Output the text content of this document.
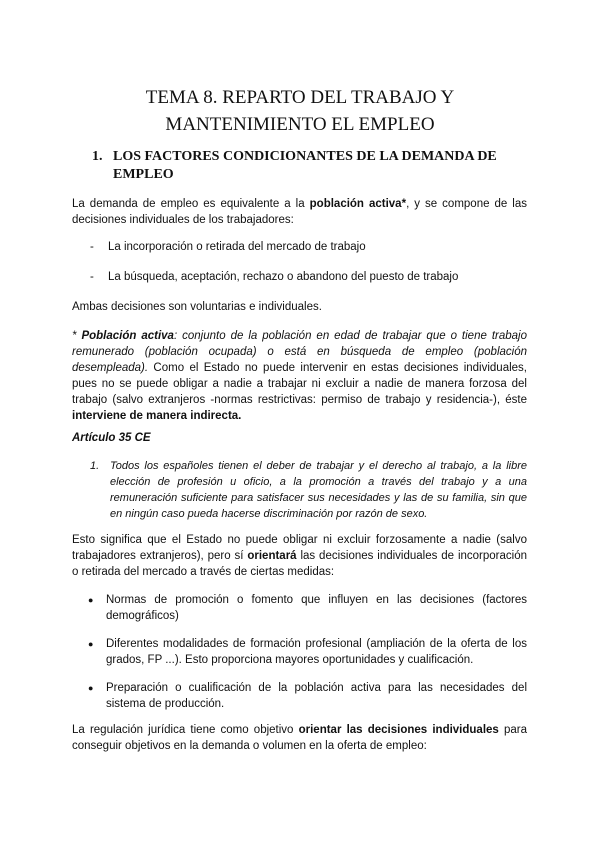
TEMA 8. REPARTO DEL TRABAJO Y
MANTENIMIENTO EL EMPLEO
1. LOS FACTORES CONDICIONANTES DE LA DEMANDA DE EMPLEO
La demanda de empleo es equivalente a la población activa*, y se compone de las decisiones individuales de los trabajadores:
-	La incorporación o retirada del mercado de trabajo
-	La búsqueda, aceptación, rechazo o abandono del puesto de trabajo
Ambas decisiones son voluntarias e individuales.
* Población activa: conjunto de la población en edad de trabajar que o tiene trabajo remunerado (población ocupada) o está en búsqueda de empleo (población desempleada). Como el Estado no puede intervenir en estas decisiones individuales, pues no se puede obligar a nadie a trabajar ni excluir a nadie de manera forzosa del trabajo (salvo extranjeros -normas restrictivas: permiso de trabajo y residencia-), éste interviene de manera indirecta.
Artículo 35 CE
1. Todos los españoles tienen el deber de trabajar y el derecho al trabajo, a la libre elección de profesión u oficio, a la promoción a través del trabajo y a una remuneración suficiente para satisfacer sus necesidades y las de su familia, sin que en ningún caso pueda hacerse discriminación por razón de sexo.
Esto significa que el Estado no puede obligar ni excluir forzosamente a nadie (salvo trabajadores extranjeros), pero sí orientará las decisiones individuales de incorporación o retirada del mercado a través de ciertas medidas:
●	Normas de promoción o fomento que influyen en las decisiones (factores demográficos)
●	Diferentes modalidades de formación profesional (ampliación de la oferta de los grados, FP ...). Esto proporciona mayores oportunidades y cualificación.
●	Preparación o cualificación de la población activa para las necesidades del sistema de producción.
La regulación jurídica tiene como objetivo orientar las decisiones individuales para conseguir objetivos en la demanda o volumen en la oferta de empleo:
